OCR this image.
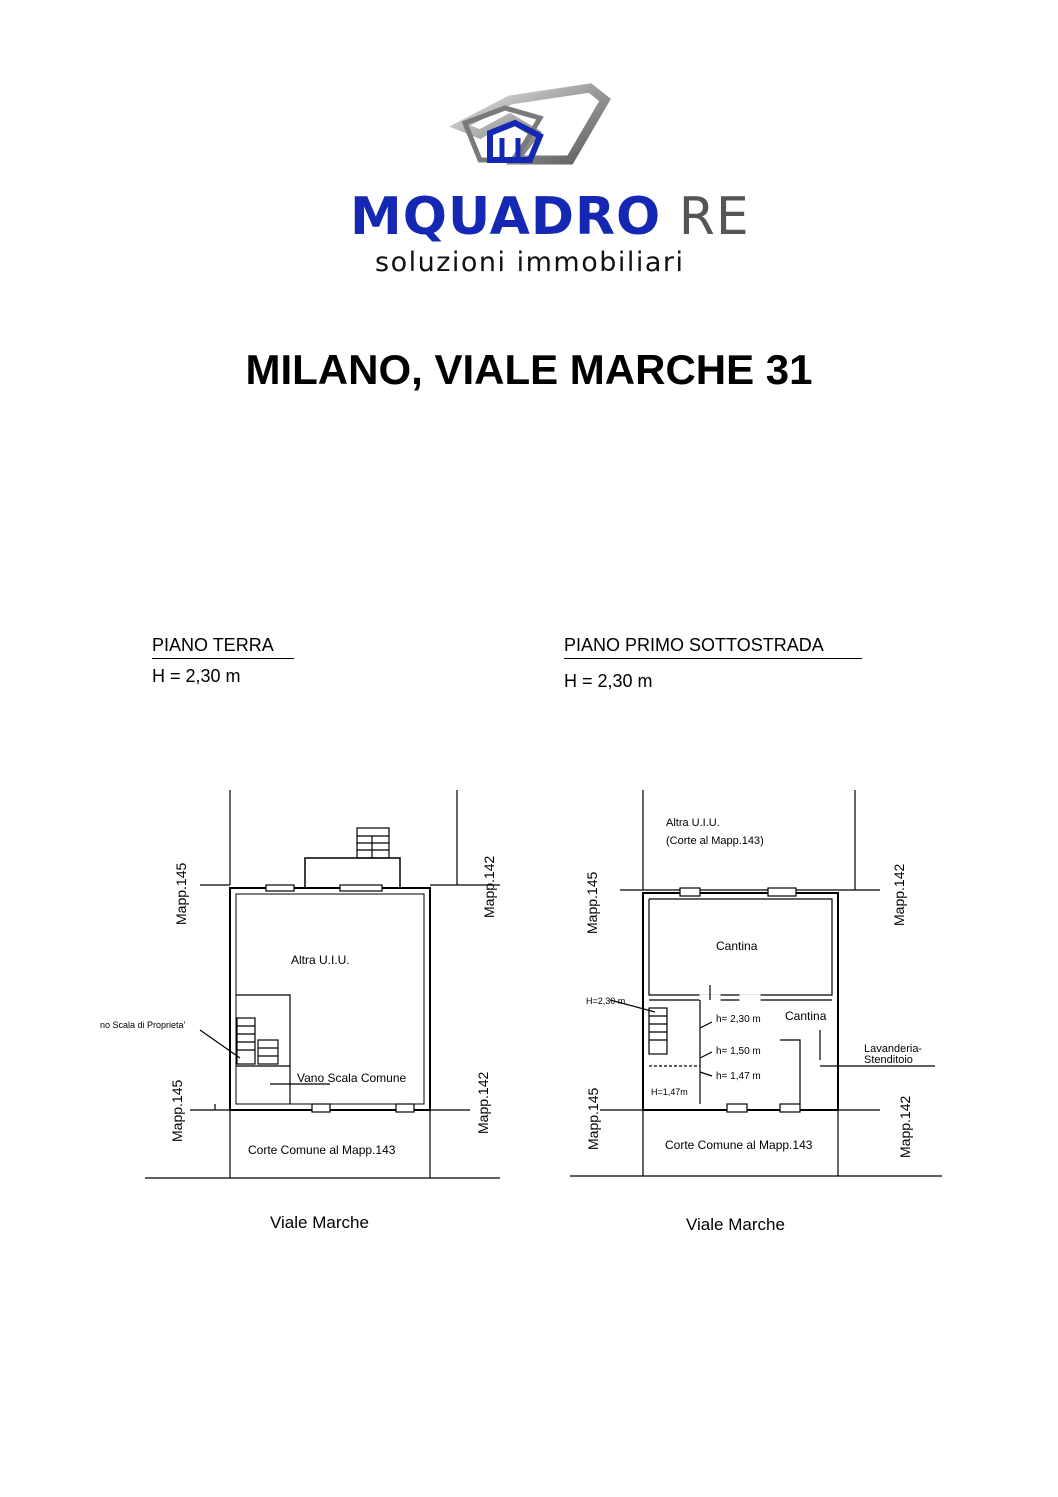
MQUADRO RE
soluzioni immobiliari
MILANO, VIALE MARCHE 31
PIANO TERRA
H = 2,30 m
PIANO PRIMO SOTTOSTRADA
H = 2,30 m
Altra U.I.U.
Vano Scala Comune
no Scala di Proprieta'
Corte Comune al Mapp.143
Viale Marche
Mapp.145	Mapp.142
Mapp.145	Mapp.142
Altra U.I.U.
(Corte al Mapp.143)
Cantina
Cantina
Lavanderia-
Stenditoio
H=2,30 m
H=1,47m
h= 2,30 m
h= 1,50 m
h= 1,47 m
Corte Comune al Mapp.143
Viale Marche
Mapp.145	Mapp.142
Mapp.145	Mapp.142
